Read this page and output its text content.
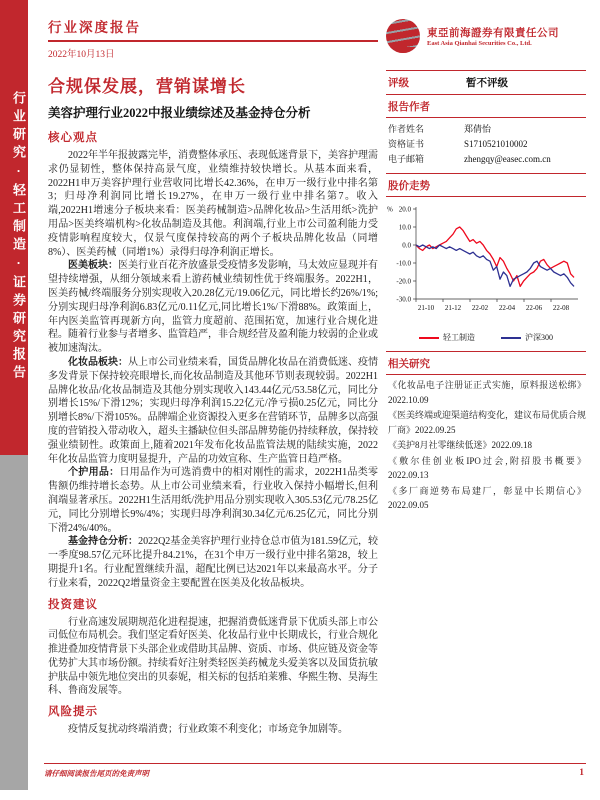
行业研究·轻工制造·证券研究报告
行业深度报告
2022年10月13日
合规保发展，营销谋增长
美容护理行业2022中报业绩综述及基金持仓分析
核心观点

2022年半年报披露完毕，消费整体承压、表现低迷背景下，美容护理需求仍显韧性，整体保持高景气度，业绩维持较快增长。从基本面来看，2022H1申万美容护理行业营收同比增长42.36%，在申万一级行业中排名第3；归母净利润同比增长19.27%，在申万一级行业中排名第7。收入端,2022H1增速分子板块来看：医美药械制造>品牌化妆品>生活用纸>洗护用品>医美终端机构>化妆品制造及其他。利润端,行业上市公司盈利能力受疫情影响程度较大，仅景气度保持较高的两个子板块品牌化妆品（同增8%）、医美药械（同增1%）录得归母净利润正增长。

医美板块：医美行业百花齐放盛景受疫情多发影响，马太效应显现并有望持续增强，从细分领域来看上游药械业绩韧性优于终端服务。2022H1，医美药械/终端服务分别实现收入20.28亿元/19.06亿元，同比增长约26%/1%;分别实现归母净利润6.83亿元/0.11亿元,同比增长1%/下滑88%。政策面上，年内医美监管再现新方向，监管力度超前、范围拓宽，加速行业合规化进程。随着行业参与者增多、监管趋严，非合规经营及盈利能力较弱的企业或被加速淘汰。

化妆品板块：从上市公司业绩来看，国货品牌化妆品在消费低迷、疫情多发背景下保持较亮眼增长,而化妆品制造及其他环节则表现较弱。2022H1品牌化妆品/化妆品制造及其他分别实现收入143.44亿元/53.58亿元，同比分别增长15%/下滑12%；实现归母净利润15.22亿元/净亏损0.25亿元，同比分别增长8%/下滑105%。品牌端企业资源投入更多在营销环节，品牌多以高强度的营销投入带动收入，超头主播缺位但头部品牌势能仍持续释放，保持较强业绩韧性。政策面上,随着2021年发布化妆品监管法规的陆续实施，2022年化妆品监管力度明显提升，产品的功效宣称、生产监管日趋严格。

个护用品：日用品作为可选消费中的相对刚性的需求，2022H1品类零售额仍维持增长态势。从上市公司业绩来看，行业收入保持小幅增长,但利润端显著承压。2022H1生活用纸/洗护用品分别实现收入305.53亿元/78.25亿元，同比分别增长9%/4%；实现归母净利润30.34亿元/6.25亿元，同比分别下滑24%/40%。

基金持仓分析：2022Q2基金美容护理行业持仓总市值为181.59亿元，较一季度98.57亿元环比提升84.21%，在31个申万一级行业中排名第28，较上期提升1名。行业配置继续升温，超配比例已达2021年以来最高水平。分子行业来看，2022Q2增量资金主要配置在医美及化妆品板块。

投资建议

行业高速发展期规范化进程提速，把握消费低迷背景下优质头部上市公司低位布局机会。我们坚定看好医美、化妆品行业中长期成长，行业合规化推进叠加疫情背景下头部企业或借助其品牌、资质、市场、供应链及资金等优势扩大其市场份额。持续看好注射类轻医美药械龙头爱美客以及国货抗敏护肤品中领先地位突出的贝泰妮，相关标的包括珀莱雅、华熙生物、昊海生科、鲁商发展等。

风险提示

疫情反复扰动终端消费；行业政策不利变化；市场竞争加剧等。

東亞前海證券有限責任公司
East Asia Qianhai Securities Co., Ltd.
评级	暂不评级
报告作者
作者姓名	郑倩怡
资格证书	S1710521010002
电子邮箱	zhengqy@easec.com.cn
股价走势
20.0
10.0
0.0
-10.0
-20.0
-30.0
%
21-10 21-12 22-02 22-04 22-06 22-08
轻工制造	沪深300
相关研究

《化妆品电子注册证正式实施，原料报送松绑》2022.10.09

《医美终端或迎渠道结构变化，建议布局优质合规厂商》2022.09.25

《美护8月社零继续低迷》2022.09.18

《敷尔佳创业板IPO过会,附招股书概要》2022.09.13

《多厂商逆势布局建厂，彰显中长期信心》2022.09.05

请仔细阅读报告尾页的免责声明	1
